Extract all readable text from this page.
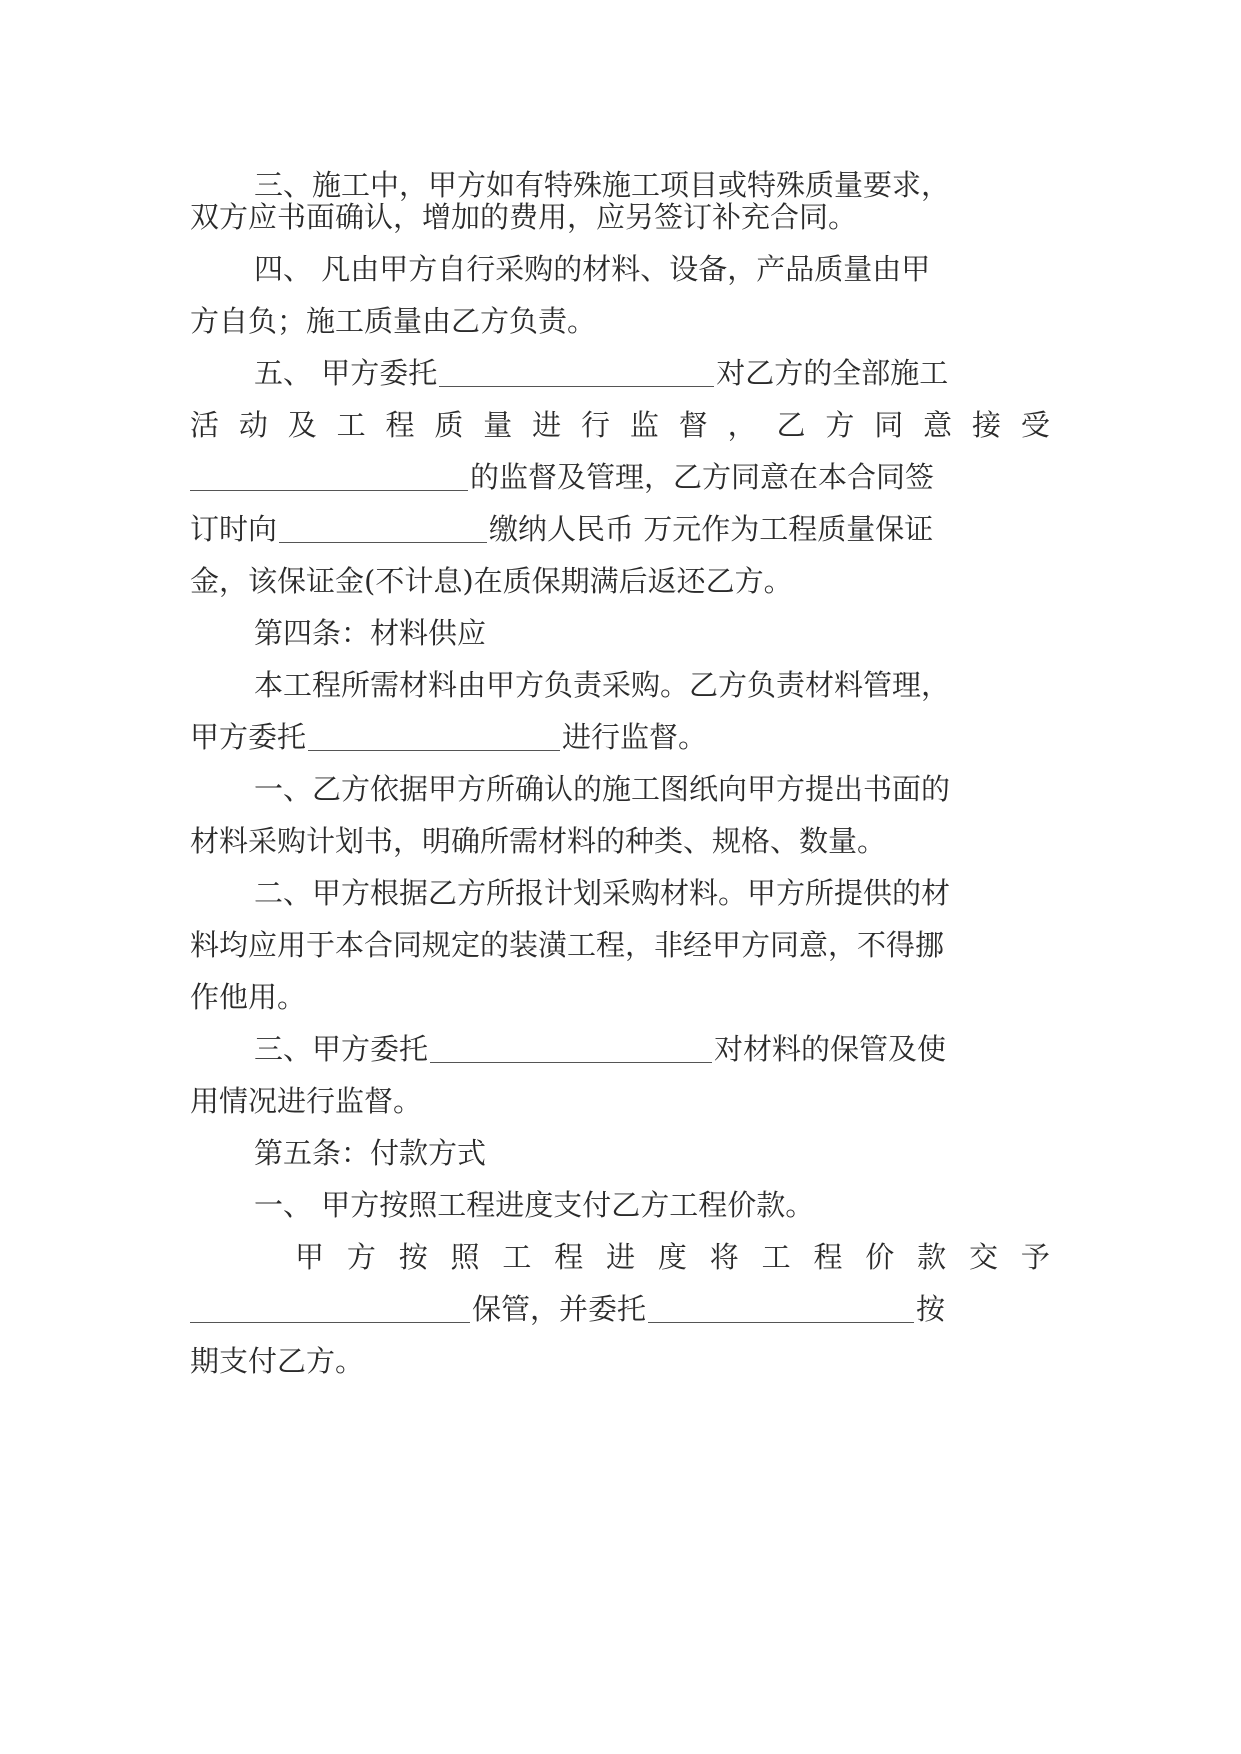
三、施工中，甲方如有特殊施工项目或特殊质量要求，
双方应书面确认，增加的费用，应另签订补充合同。
四、 凡由甲方自行采购的材料、设备，产品质量由甲
方自负；施工质量由乙方负责。
五、 甲方委托	对乙方的全部施工
活 动 及 工 程 质 量 进 行 监 督 ， 乙 方 同 意 接 受
的监督及管理，乙方同意在本合同签
订时向	缴纳人民币 万元作为工程质量保证
金，该保证金(不计息)在质保期满后返还乙方。
第四条：材料供应
本工程所需材料由甲方负责采购。乙方负责材料管理，
甲方委托	进行监督。
一、乙方依据甲方所确认的施工图纸向甲方提出书面的
材料采购计划书，明确所需材料的种类、规格、数量。
二、甲方根据乙方所报计划采购材料。甲方所提供的材
料均应用于本合同规定的装潢工程，非经甲方同意，不得挪
作他用。
三、甲方委托	对材料的保管及使
用情况进行监督。
第五条：付款方式
一、 甲方按照工程进度支付乙方工程价款。
甲 方 按 照 工 程 进 度 将 工 程 价 款 交 予
保管，并委托	按
期支付乙方。
